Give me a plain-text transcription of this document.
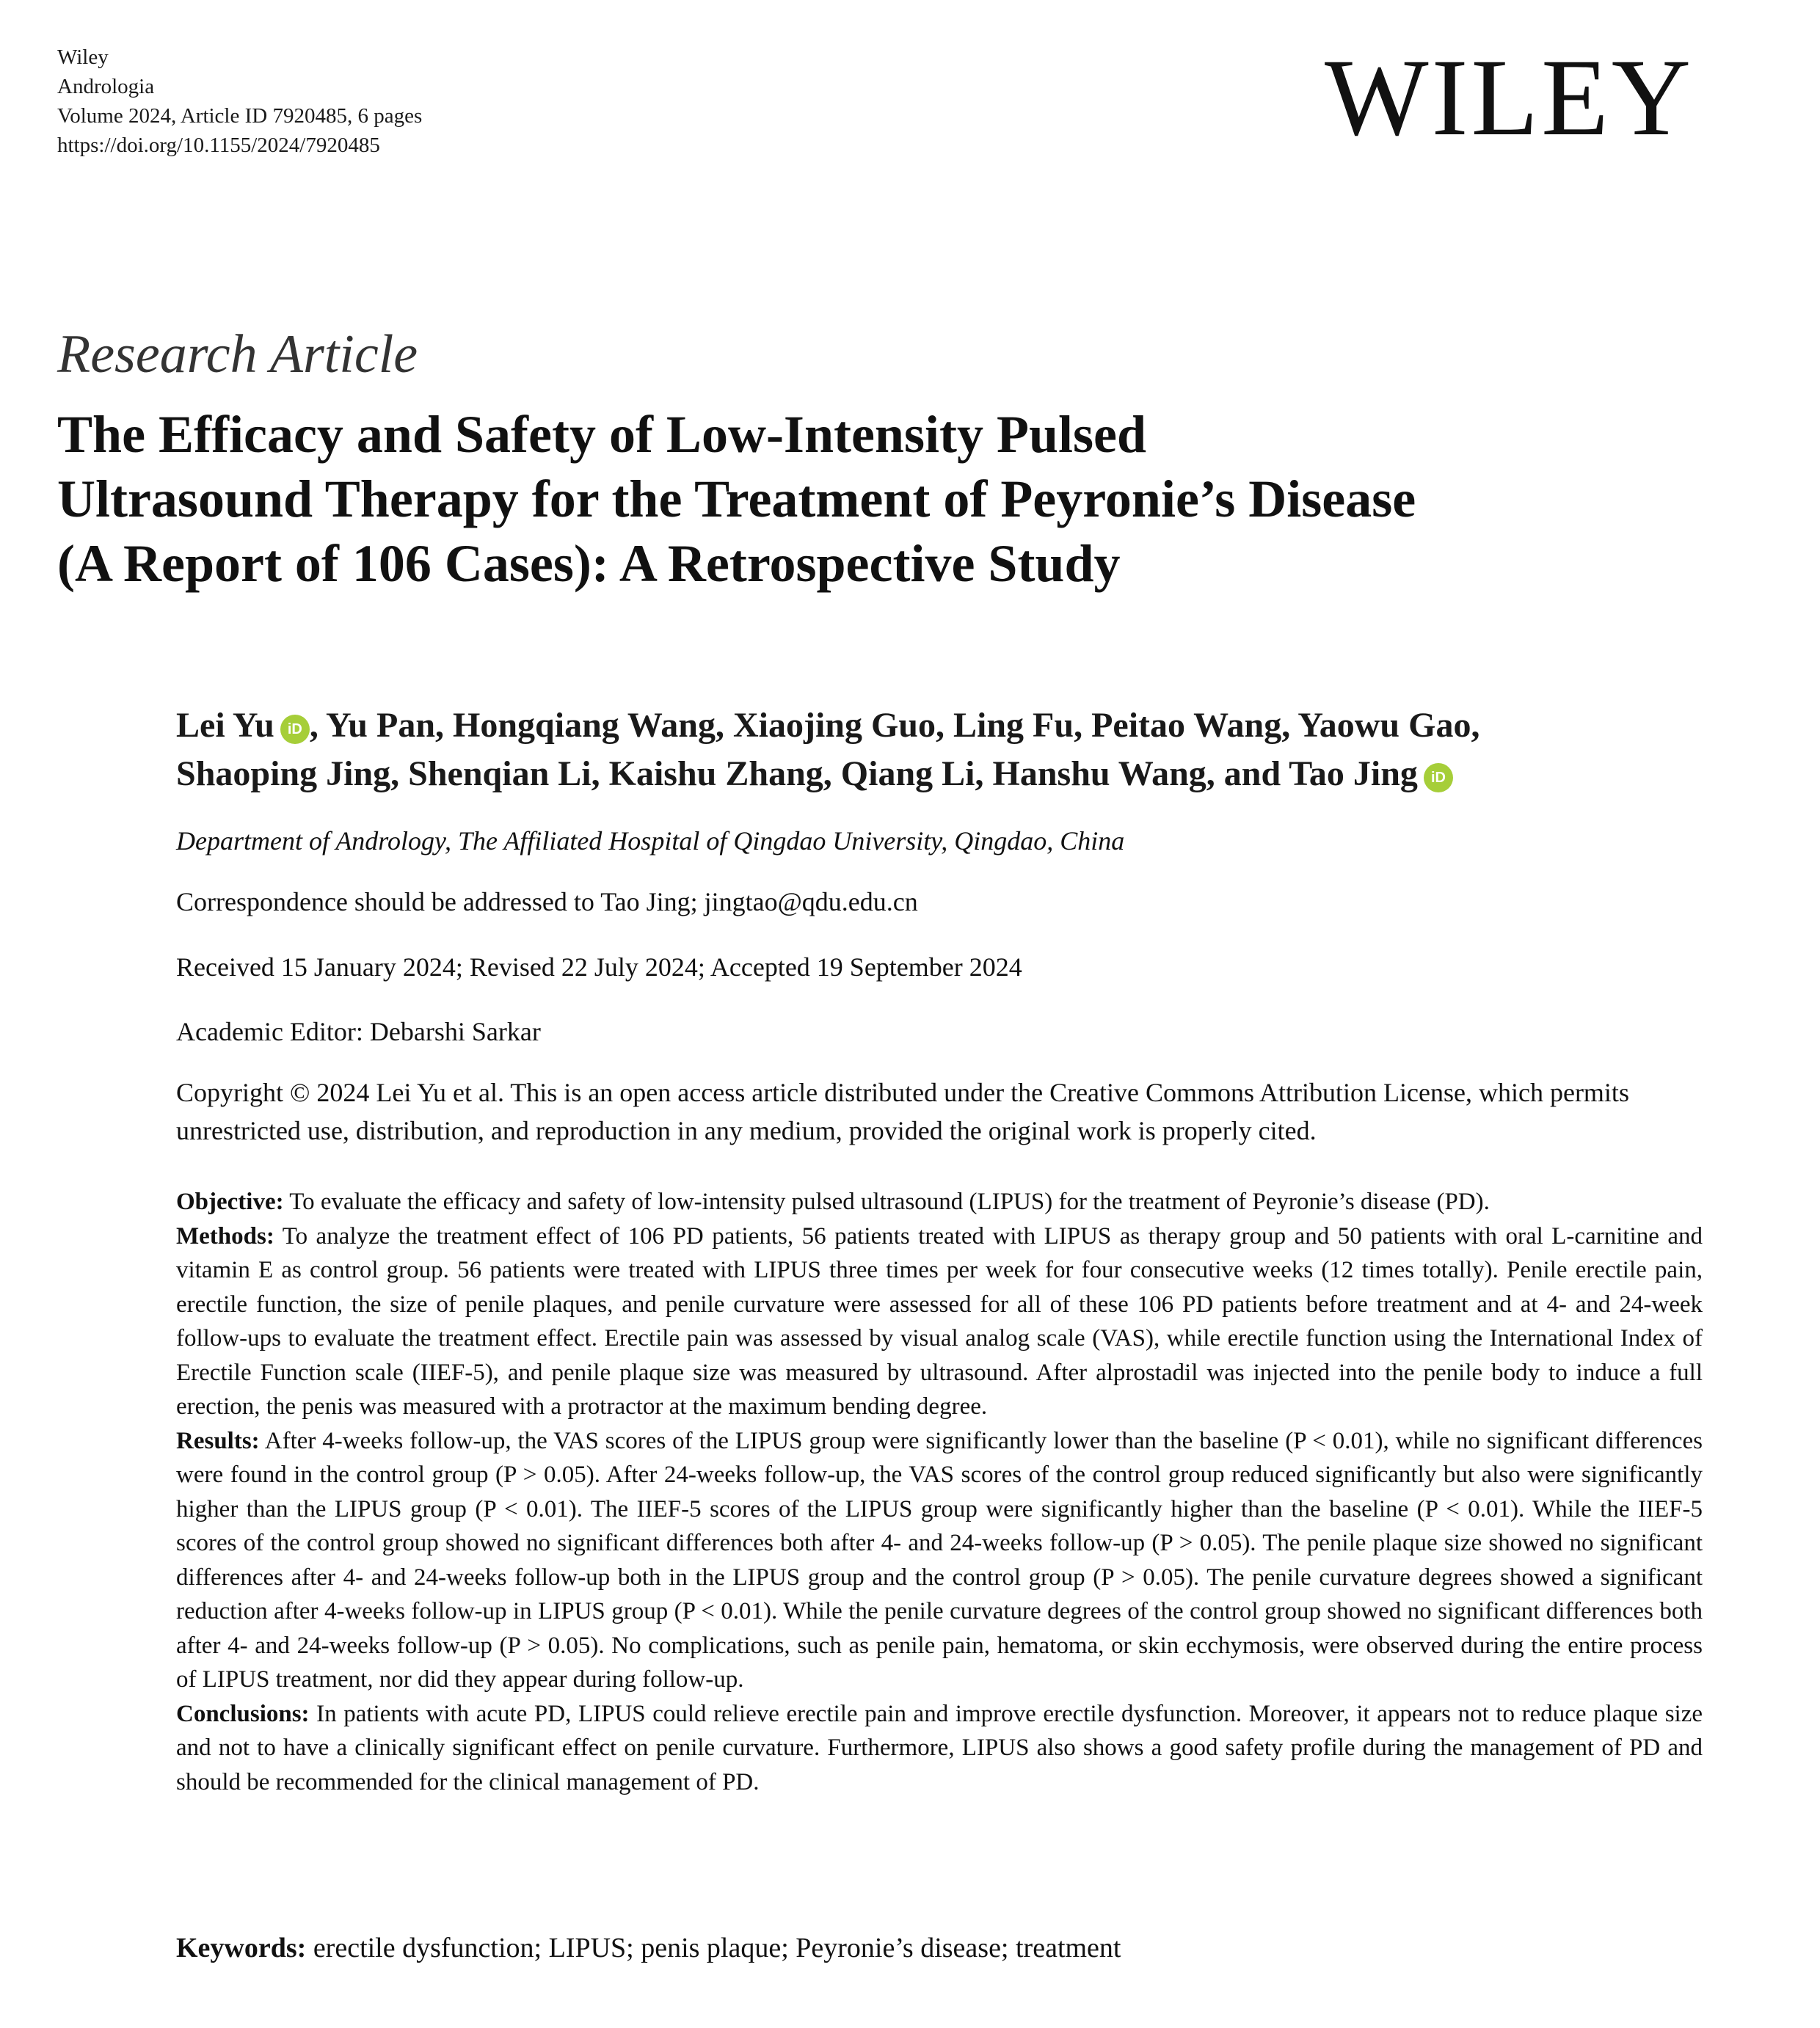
Wiley
Andrologia
Volume 2024, Article ID 7920485, 6 pages
https://doi.org/10.1155/2024/7920485	WILEY
Research Article
The Efficacy and Safety of Low-Intensity Pulsed
Ultrasound Therapy for the Treatment of Peyronie’s Disease
(A Report of 106 Cases): A Retrospective Study
Lei Yu iD , Yu Pan, Hongqiang Wang, Xiaojing Guo, Ling Fu, Peitao Wang, Yaowu Gao,
Shaoping Jing, Shenqian Li, Kaishu Zhang, Qiang Li, Hanshu Wang, and Tao Jing iD
Department of Andrology, The Affiliated Hospital of Qingdao University, Qingdao, China
Correspondence should be addressed to Tao Jing; jingtao@qdu.edu.cn
Received 15 January 2024; Revised 22 July 2024; Accepted 19 September 2024
Academic Editor: Debarshi Sarkar
Copyright © 2024 Lei Yu et al. This is an open access article distributed under the Creative Commons Attribution License, which permits unrestricted use, distribution, and reproduction in any medium, provided the original work is properly cited.

Objective: To evaluate the efficacy and safety of low-intensity pulsed ultrasound (LIPUS) for the treatment of Peyronie’s disease (PD).

Methods: To analyze the treatment effect of 106 PD patients, 56 patients treated with LIPUS as therapy group and 50 patients with oral L-carnitine and vitamin E as control group. 56 patients were treated with LIPUS three times per week for four consecutive weeks (12 times totally). Penile erectile pain, erectile function, the size of penile plaques, and penile curvature were assessed for all of these 106 PD patients before treatment and at 4- and 24-week follow-ups to evaluate the treatment effect. Erectile pain was assessed by visual analog scale (VAS), while erectile function using the International Index of Erectile Function scale (IIEF-5), and penile plaque size was measured by ultrasound. After alprostadil was injected into the penile body to induce a full erection, the penis was measured with a protractor at the maximum bending degree.

Results: After 4-weeks follow-up, the VAS scores of the LIPUS group were significantly lower than the baseline (P < 0.01), while no significant differences were found in the control group (P > 0.05). After 24-weeks follow-up, the VAS scores of the control group reduced significantly but also were significantly higher than the LIPUS group (P < 0.01). The IIEF-5 scores of the LIPUS group were significantly higher than the baseline (P < 0.01). While the IIEF-5 scores of the control group showed no significant differences both after 4- and 24-weeks follow-up (P > 0.05). The penile plaque size showed no significant differences after 4- and 24-weeks follow-up both in the LIPUS group and the control group (P > 0.05). The penile curvature degrees showed a significant reduction after 4-weeks follow-up in LIPUS group (P < 0.01). While the penile curvature degrees of the control group showed no significant differences both after 4- and 24-weeks follow-up (P > 0.05). No complications, such as penile pain, hematoma, or skin ecchymosis, were observed during the entire process of LIPUS treatment, nor did they appear during follow-up.

Conclusions: In patients with acute PD, LIPUS could relieve erectile pain and improve erectile dysfunction. Moreover, it appears not to reduce plaque size and not to have a clinically significant effect on penile curvature. Furthermore, LIPUS also shows a good safety profile during the management of PD and should be recommended for the clinical management of PD.

Keywords: erectile dysfunction; LIPUS; penis plaque; Peyronie’s disease; treatment
